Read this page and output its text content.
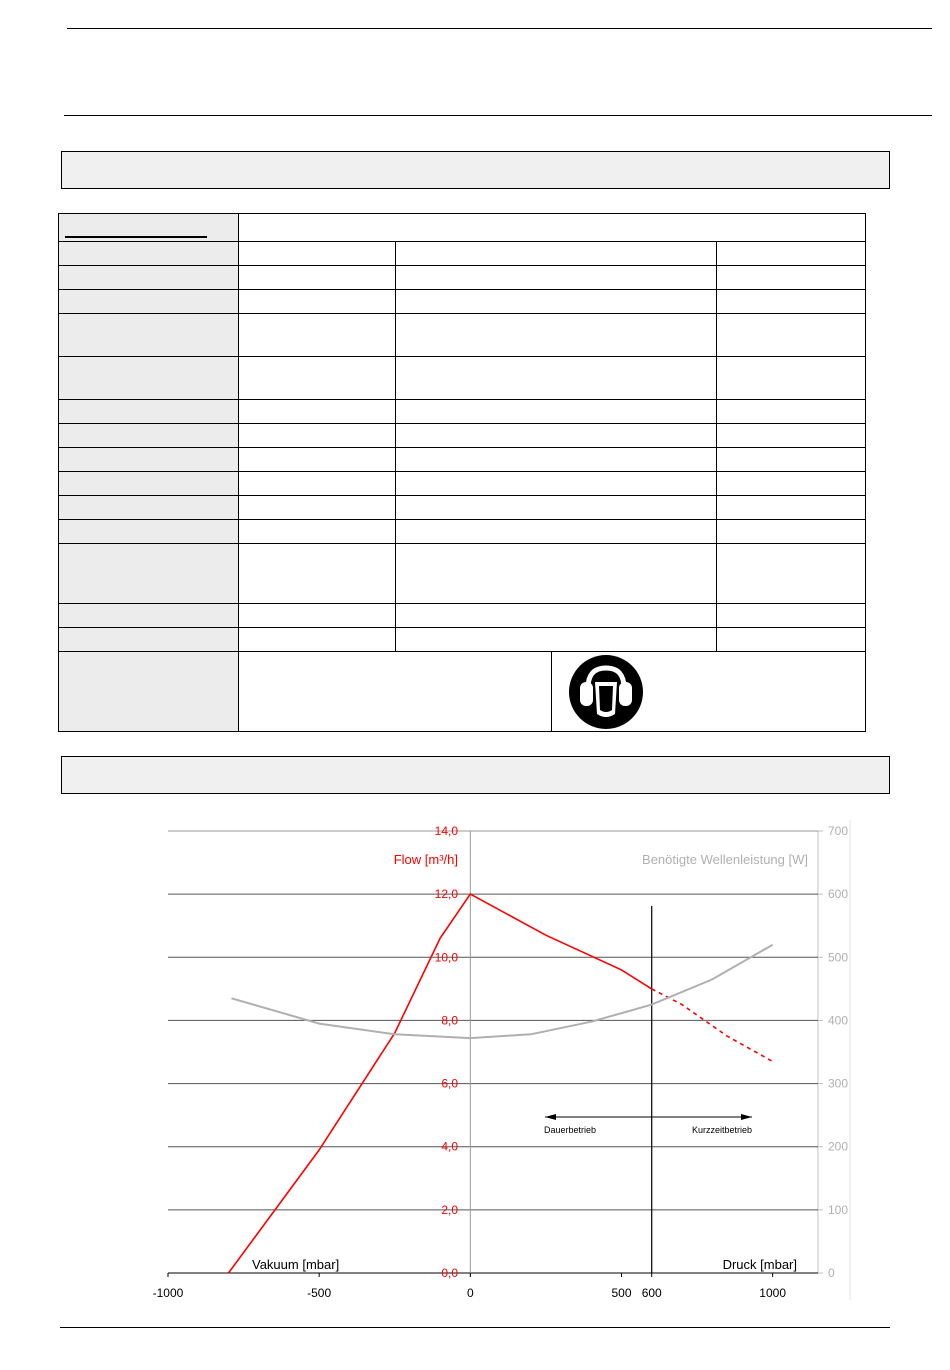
0,0
2,0
4,0
6,0
8,0
10,0
12,0
14,0
0
100
200
300
400
500
600
700
-1000	-500	0	500 600	1000
Flow [m³/h]	Benötigte Wellenleistung [W]
Vakuum [mbar]	Druck [mbar]
Dauerbetrieb	Kurzzeitbetrieb
